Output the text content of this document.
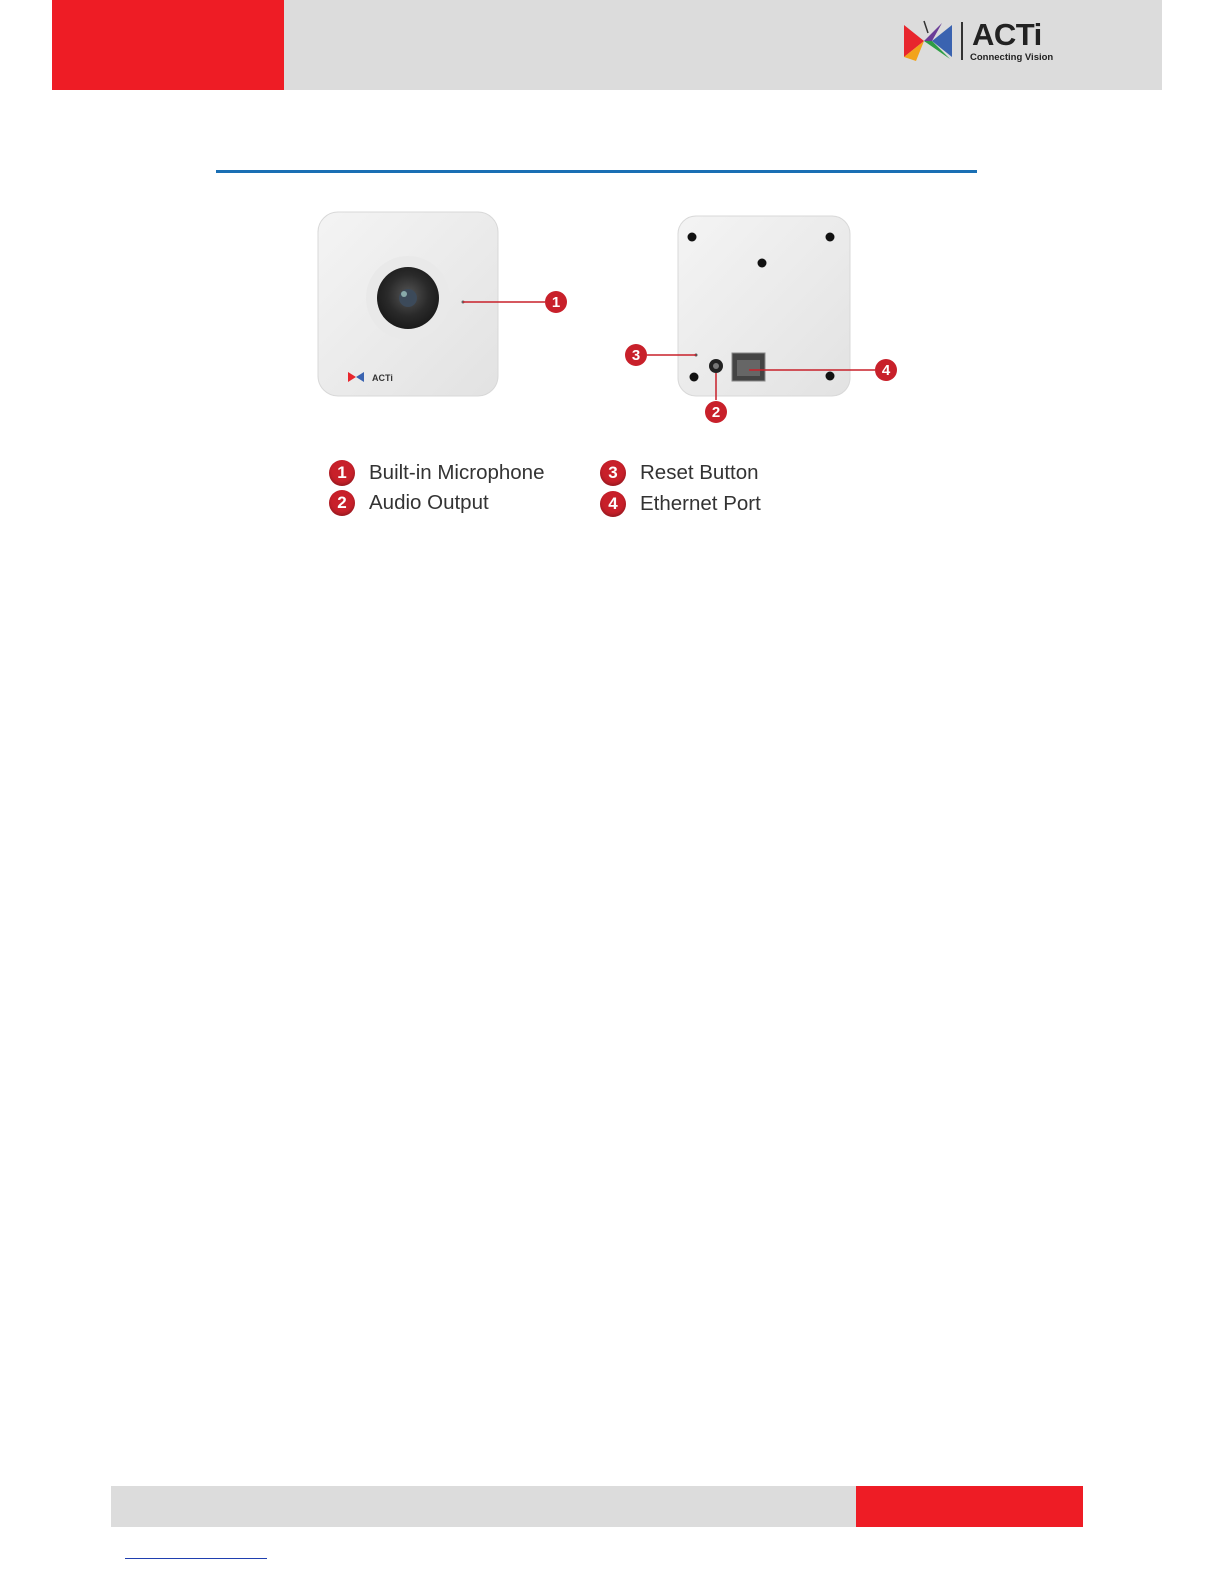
ACTi
Connecting Vision
ACTi
1
3
2
4
1	Built-in Microphone
2	Audio Output
3	Reset Button
4	Ethernet Port
